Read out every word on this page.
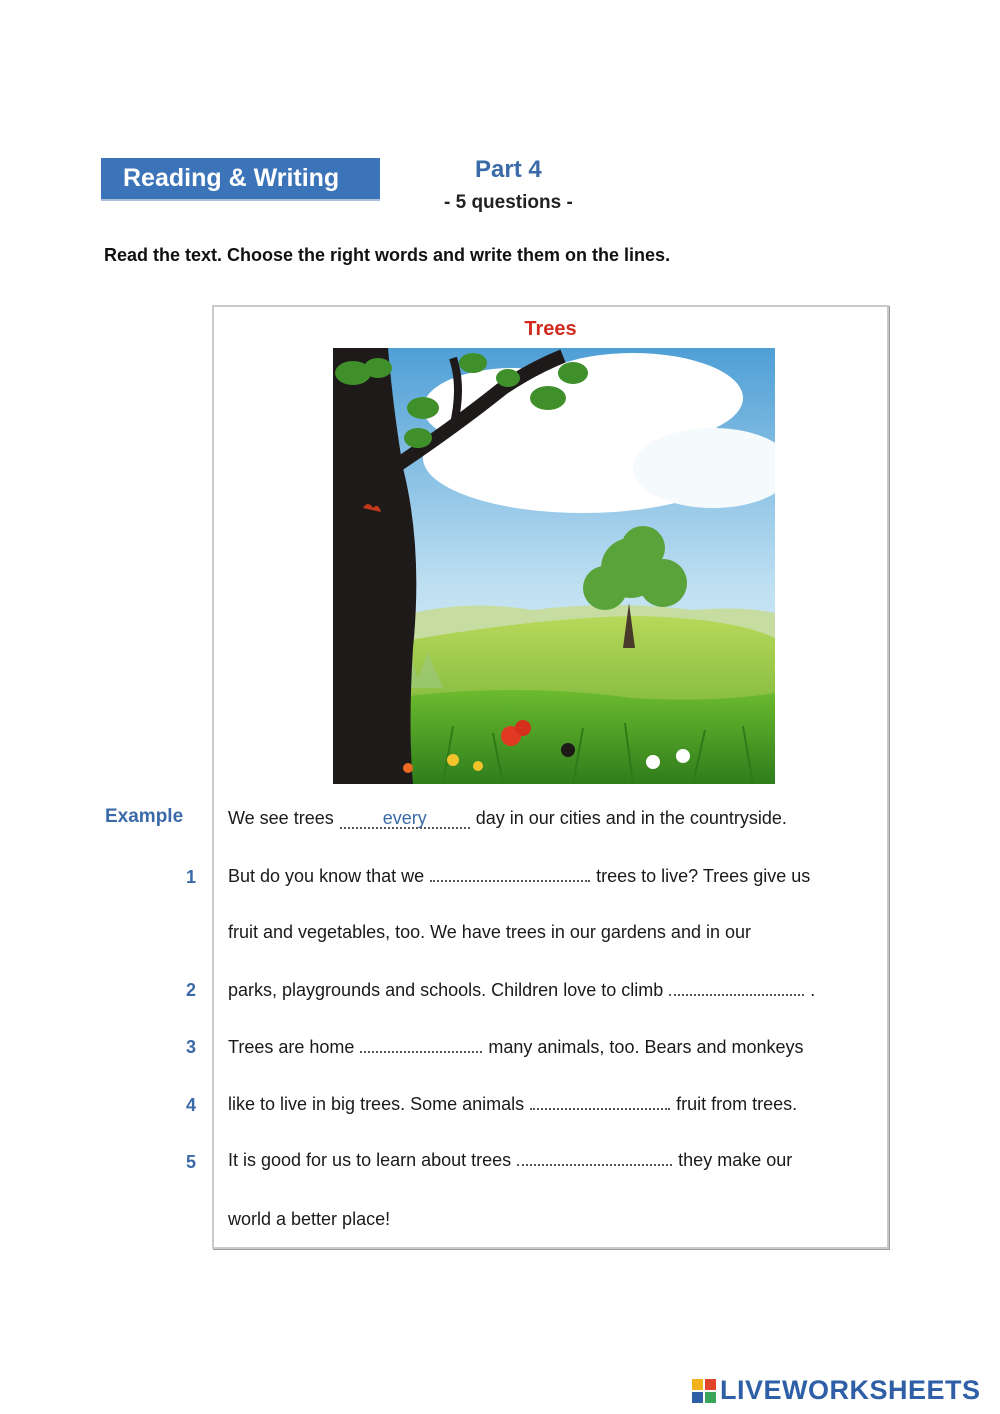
Reading & Writing	Part 4
- 5 questions -
Read the text. Choose the right words and write them on the lines.
Trees
Example We see trees	every	day in our cities and in the countryside.
1 But do you know that we	trees to live? Trees give us
fruit and vegetables, too. We have trees in our gardens and in our
2 parks, playgrounds and schools. Children love to climb	.
3 Trees are home	many animals, too. Bears and monkeys
4 like to live in big trees. Some animals	fruit from trees.
5 It is good for us to learn about trees	they make our
world a better place!
LIVEWORKSHEETS
